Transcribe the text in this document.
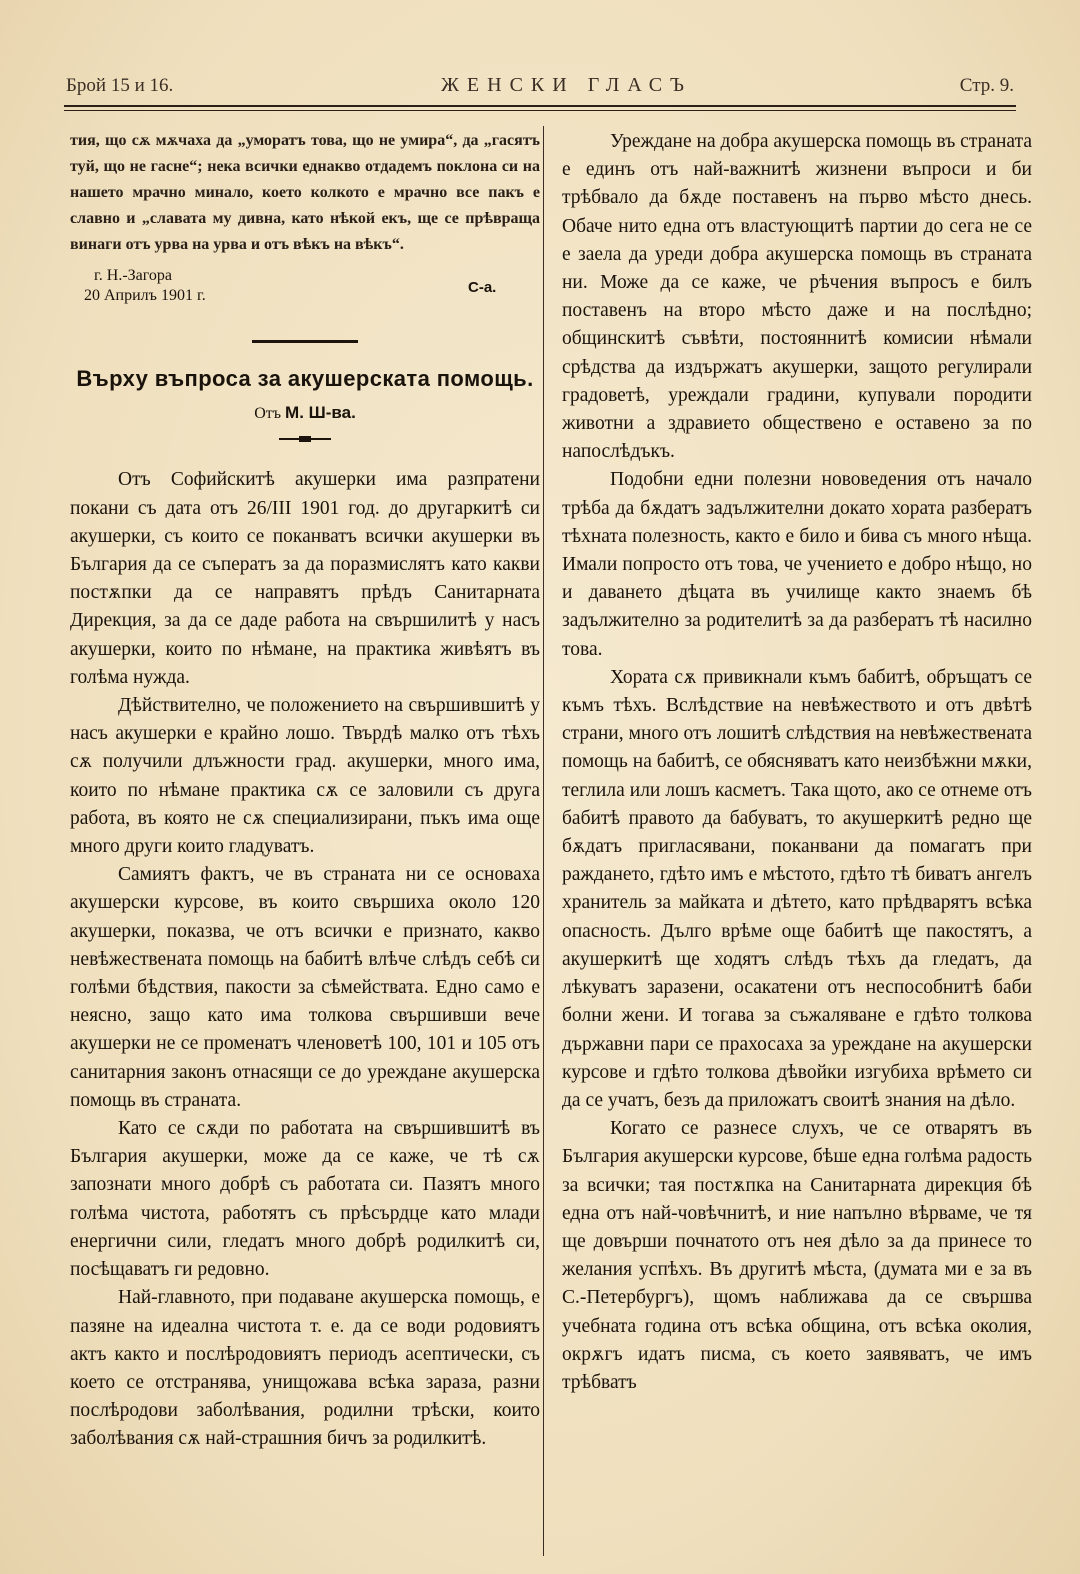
Брой 15 и 16.	ЖЕНСКИ ГЛАСЪ	Стр. 9.

тия, що сѫ мѫчаха да „уморатъ това, що не умира“, да „гасятъ туй, що не гасне“; нека всички еднакво отдадемъ поклона си на нашето мрачно минало, което колкото е мрачно все пакъ е славно и „славата му дивна, като нѣкой екъ, ще се прѣвраща винаги отъ урва на урва и отъ вѣкъ на вѣкъ“.

г. Н.-Загора
20 Априлъ 1901 г.	С-а.

Върху въпроса за акушерската помощь.

Отъ М. Ш-ва.

Отъ Софийскитѣ акушерки има разпратени покани съ дата отъ 26/III 1901 год. до другаркитѣ си акушерки, съ които се поканватъ всички акушерки въ България да се съператъ за да поразмислятъ като какви постѫпки да се направятъ прѣдъ Санитарната Дирекция, за да се даде работа на свършилитѣ у насъ акушерки, които по нѣмане, на практика живѣятъ въ голѣма нужда.

Дѣйствително, че положението на свършившитѣ у насъ акушерки е крайно лошо. Твърдѣ малко отъ тѣхъ сѫ получили длъжности град. акушерки, много има, които по нѣмане практика сѫ се заловили съ друга работа, въ която не сѫ специализирани, пъкъ има още много други които гладуватъ.

Самиятъ фактъ, че въ страната ни се основаха акушерски курсове, въ които свършиха около 120 акушерки, показва, че отъ всички е признато, какво невѣжествената помощь на бабитѣ влѣче слѣдъ себѣ си голѣми бѣдствия, пакости за сѣмействата. Едно само е неясно, защо като има толкова свършивши вече акушерки не се променатъ членоветѣ 100, 101 и 105 отъ санитарния законъ отнасящи се до уреждане акушерска помощь въ страната.

Като се сѫди по работата на свършившитѣ въ България акушерки, може да се каже, че тѣ сѫ запознати много добрѣ съ работата си. Пазятъ много голѣма чистота, работятъ съ прѣсърдце като млади енергични сили, гледатъ много добрѣ родилкитѣ си, посѣщаватъ ги редовно.

Най-главното, при подаване акушерска помощь, е пазяне на идеална чистота т. е. да се води родовиятъ актъ както и послѣродовиятъ периодъ асептически, съ което се отстранява, унищожава всѣка зараза, разни послѣродови заболѣвания, родилни трѣски, които заболѣвания сѫ най-страшния бичъ за родилкитѣ.

Уреждане на добра акушерска помощь въ страната е единъ отъ най-важнитѣ жизнени въпроси и би трѣбвало да бѫде поставенъ на първо мѣсто днесь. Обаче нито една отъ властующитѣ партии до сега не се е заела да уреди добра акушерска помощь въ страната ни. Може да се каже, че рѣчения въпросъ е билъ поставенъ на второ мѣсто даже и на послѣдно; общинскитѣ съвѣти, постояннитѣ комисии нѣмали срѣдства да издържатъ акушерки, защото регулирали градоветѣ, уреждали градини, купували породити животни а здравието обществено е оставено за по напослѣдъкъ.

Подобни едни полезни нововедения отъ начало трѣба да бѫдатъ задължителни докато хората разбератъ тѣхната полезность, както е било и бива съ много нѣща. Имали попросто отъ това, че учението е добро нѣщо, но и даването дѣцата въ училище както знаемъ бѣ задължително за родителитѣ за да разбератъ тѣ насилно това.

Хората сѫ привикнали къмъ бабитѣ, обръщатъ се къмъ тѣхъ. Вслѣдствие на невѣжеството и отъ двѣтѣ страни, много отъ лошитѣ слѣдствия на невѣжествената помощь на бабитѣ, се обясняватъ като неизбѣжни мѫки, теглила или лошъ касметъ. Така щото, ако се отнеме отъ бабитѣ правото да бабуватъ, то акушеркитѣ редно ще бѫдатъ пригласявани, поканвани да помагатъ при раждането, гдѣто имъ е мѣстото, гдѣто тѣ биватъ ангелъ хранитель за майката и дѣтето, като прѣдварятъ всѣка опасность. Дълго врѣме още бабитѣ ще пакостятъ, а акушеркитѣ ще ходятъ слѣдъ тѣхъ да гледатъ, да лѣкуватъ заразени, осакатени отъ неспособнитѣ баби болни жени. И тогава за съжаляване е гдѣто толкова държавни пари се прахосаха за уреждане на акушерски курсове и гдѣто толкова дѣвойки изгубиха врѣмето си да се учатъ, безъ да приложатъ своитѣ знания на дѣло.

Когато се разнесе слухъ, че се отварятъ въ България акушерски курсове, бѣше една голѣма радость за всички; тая постѫпка на Санитарната дирекция бѣ една отъ най-човѣчнитѣ, и ние напълно вѣрваме, че тя ще довърши почнатото отъ нея дѣло за да принесе то желания успѣхъ. Въ другитѣ мѣста, (думата ми е за въ С.-Петербургъ), щомъ наближава да се свършва учебната година отъ всѣка община, отъ всѣка околия, окрѫгъ идатъ писма, съ което заявяватъ, че имъ трѣбватъ
